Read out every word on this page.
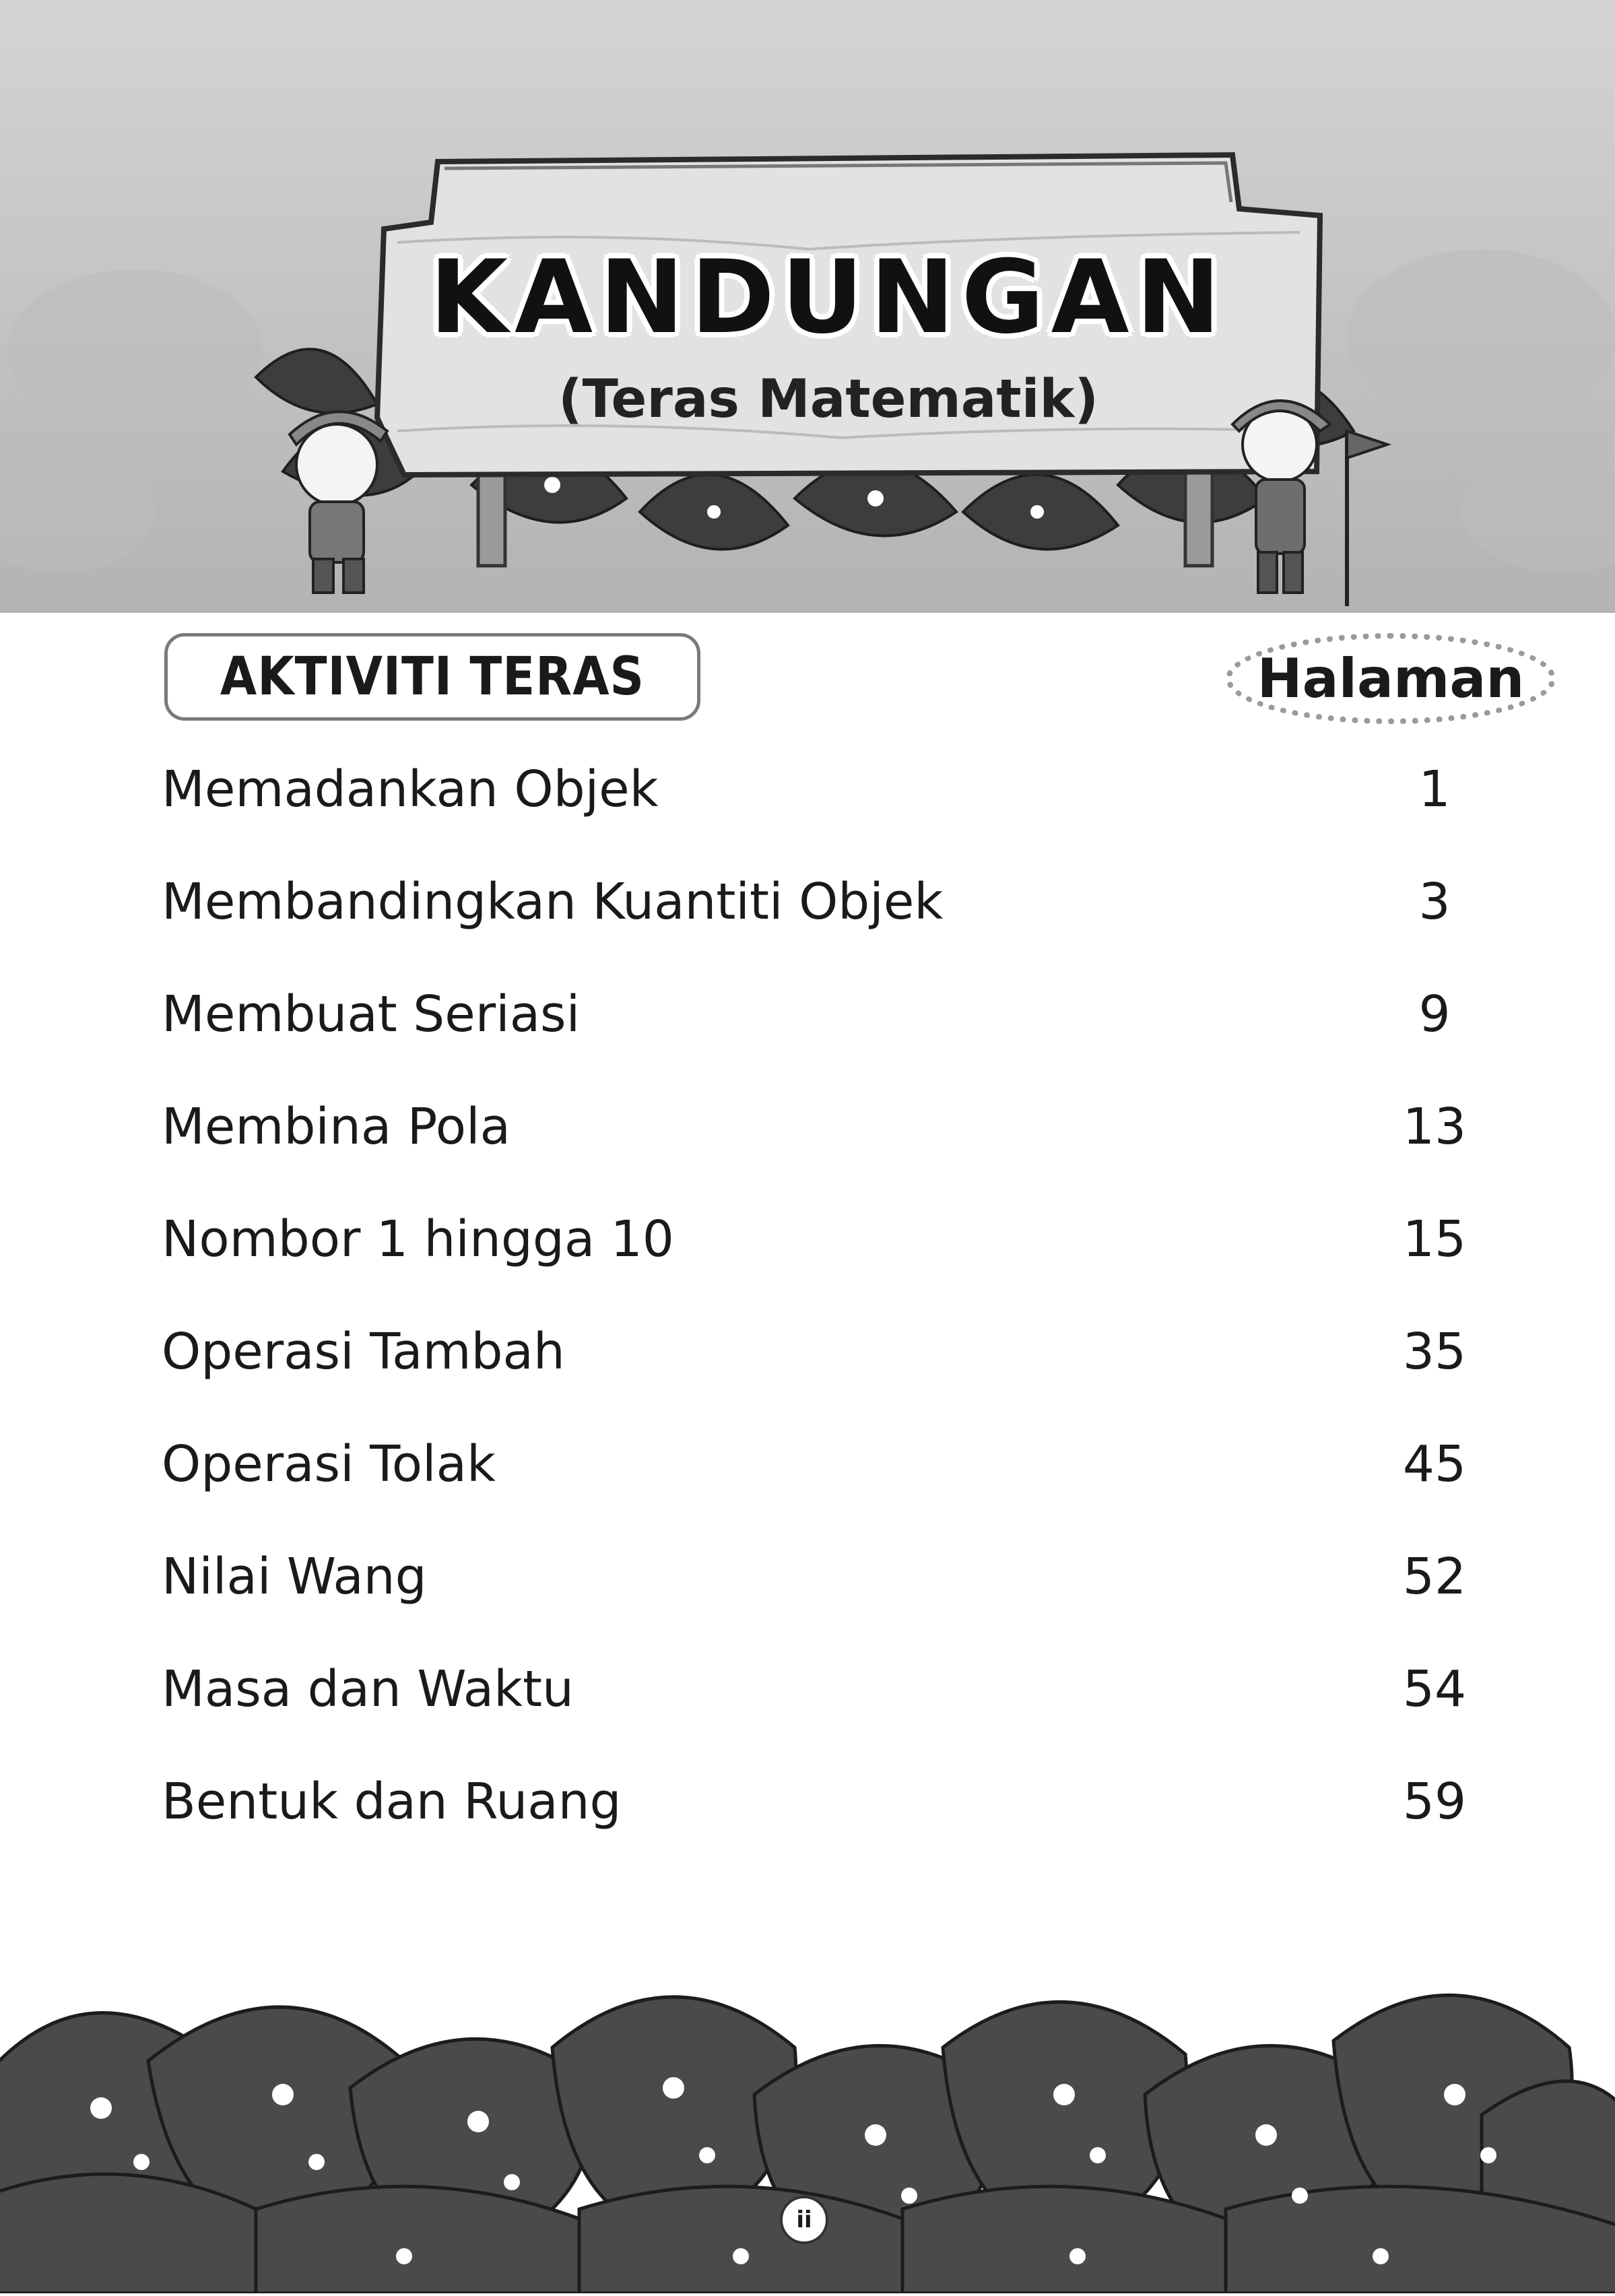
KANDUNGAN
(Teras Matematik)
AKTIVITI TERAS	Halaman
Memadankan Objek	1
Membandingkan Kuantiti Objek	3
Membuat Seriasi	9
Membina Pola	13
Nombor 1 hingga 10	15
Operasi Tambah	35
Operasi Tolak	45
Nilai Wang	52
Masa dan Waktu	54
Bentuk dan Ruang	59
ii
